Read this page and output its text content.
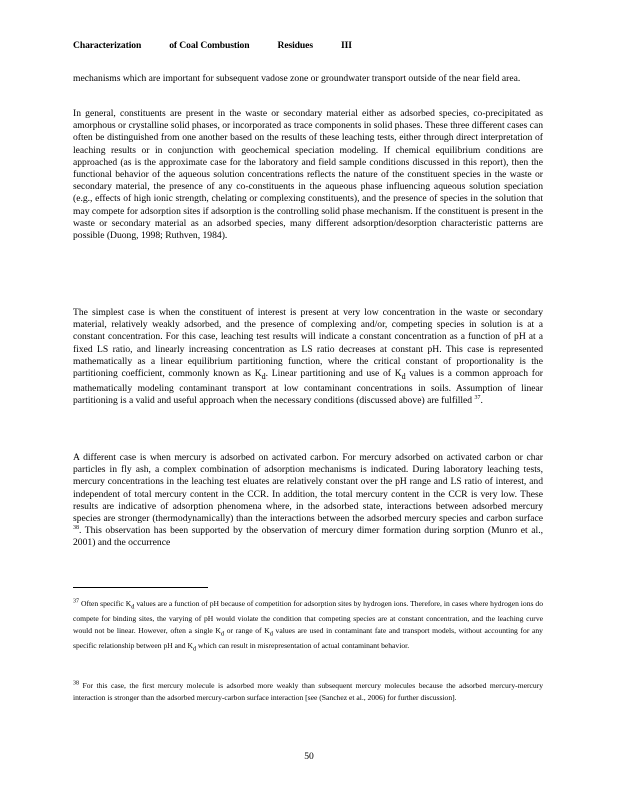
Characterization	of Coal Combustion	Residues	III
mechanisms which are important for subsequent vadose zone or groundwater transport outside of the near field area.
In general, constituents are present in the waste or secondary material either as adsorbed species, co-precipitated as amorphous or crystalline solid phases, or incorporated as trace components in solid phases. These three different cases can often be distinguished from one another based on the results of these leaching tests, either through direct interpretation of leaching results or in conjunction with geochemical speciation modeling. If chemical equilibrium conditions are approached (as is the approximate case for the laboratory and field sample conditions discussed in this report), then the functional behavior of the aqueous solution concentrations reflects the nature of the constituent species in the waste or secondary material, the presence of any co-constituents in the aqueous phase influencing aqueous solution speciation (e.g., effects of high ionic strength, chelating or complexing constituents), and the presence of species in the solution that may compete for adsorption sites if adsorption is the controlling solid phase mechanism. If the constituent is present in the waste or secondary material as an adsorbed species, many different adsorption/desorption characteristic patterns are possible (Duong, 1998; Ruthven, 1984).
The simplest case is when the constituent of interest is present at very low concentration in the waste or secondary material, relatively weakly adsorbed, and the presence of complexing and/or, competing species in solution is at a constant concentration. For this case, leaching test results will indicate a constant concentration as a function of pH at a fixed LS ratio, and linearly increasing concentration as LS ratio decreases at constant pH. This case is represented mathematically as a linear equilibrium partitioning function, where the critical constant of proportionality is the partitioning coefficient, commonly known as $K_d$. Linear partitioning and use of $K_d$ values is a common approach for mathematically modeling contaminant transport at low contaminant concentrations in soils. Assumption of linear partitioning is a valid and useful approach when the necessary conditions (discussed above) are fulfilled $^{37}$.
A different case is when mercury is adsorbed on activated carbon. For mercury adsorbed on activated carbon or char particles in fly ash, a complex combination of adsorption mechanisms is indicated. During laboratory leaching tests, mercury concentrations in the leaching test eluates are relatively constant over the pH range and LS ratio of interest, and independent of total mercury content in the CCR. In addition, the total mercury content in the CCR is very low. These results are indicative of adsorption phenomena where, in the adsorbed state, interactions between adsorbed mercury species are stronger (thermodynamically) than the interactions between the adsorbed mercury species and carbon surface $^{38}$. This observation has been supported by the observation of mercury dimer formation during sorption (Munro et al., 2001) and the occurrence
$^{37}$ Often specific $K_d$ values are a function of pH because of competition for adsorption sites by hydrogen ions. Therefore, in cases where hydrogen ions do compete for binding sites, the varying of pH would violate the condition that competing species are at constant concentration, and the leaching curve would not be linear. However, often a single $K_d$ or range of $K_d$ values are used in contaminant fate and transport models, without accounting for any specific relationship between pH and $K_d$ which can result in misrepresentation of actual contaminant behavior.
$^{38}$ For this case, the first mercury molecule is adsorbed more weakly than subsequent mercury molecules because the adsorbed mercury-mercury interaction is stronger than the adsorbed mercury-carbon surface interaction [see (Sanchez et al., 2006) for further discussion].
50
